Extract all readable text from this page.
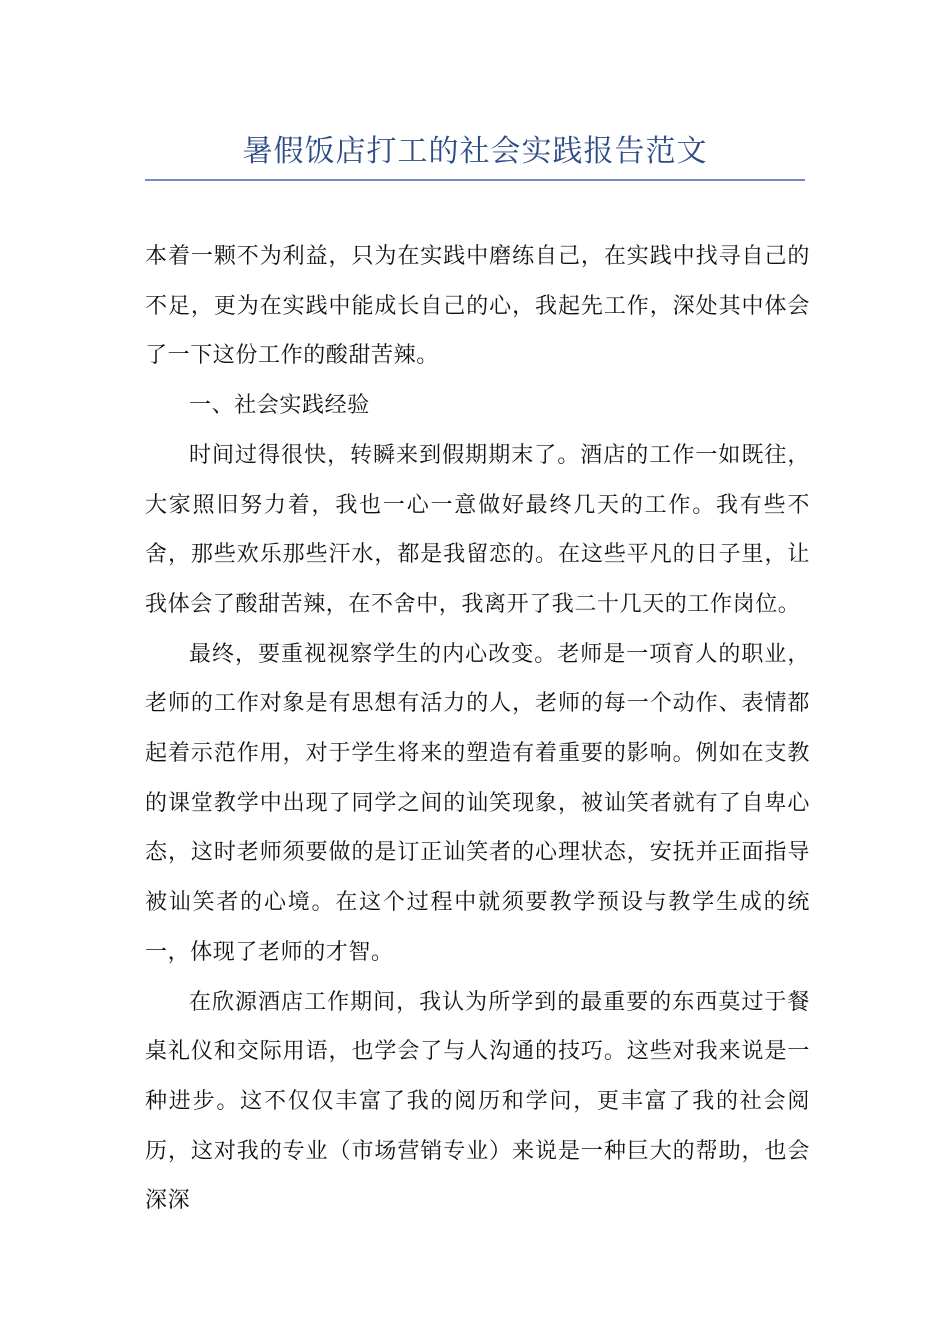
暑假饭店打工的社会实践报告范文

本着一颗不为利益，只为在实践中磨练自己，在实践中找寻自己的不足，更为在实践中能成长自己的心，我起先工作，深处其中体会了一下这份工作的酸甜苦辣。

一、社会实践经验

时间过得很快，转瞬来到假期期末了。酒店的工作一如既往，大家照旧努力着，我也一心一意做好最终几天的工作。我有些不舍，那些欢乐那些汗水，都是我留恋的。在这些平凡的日子里，让我体会了酸甜苦辣，在不舍中，我离开了我二十几天的工作岗位。

最终，要重视视察学生的内心改变。老师是一项育人的职业，老师的工作对象是有思想有活力的人，老师的每一个动作、表情都起着示范作用，对于学生将来的塑造有着重要的影响。例如在支教的课堂教学中出现了同学之间的讪笑现象，被讪笑者就有了自卑心态，这时老师须要做的是订正讪笑者的心理状态，安抚并正面指导被讪笑者的心境。在这个过程中就须要教学预设与教学生成的统一，体现了老师的才智。

在欣源酒店工作期间，我认为所学到的最重要的东西莫过于餐桌礼仪和交际用语，也学会了与人沟通的技巧。这些对我来说是一种进步。这不仅仅丰富了我的阅历和学问，更丰富了我的社会阅历，这对我的专业（市场营销专业）来说是一种巨大的帮助，也会深深
